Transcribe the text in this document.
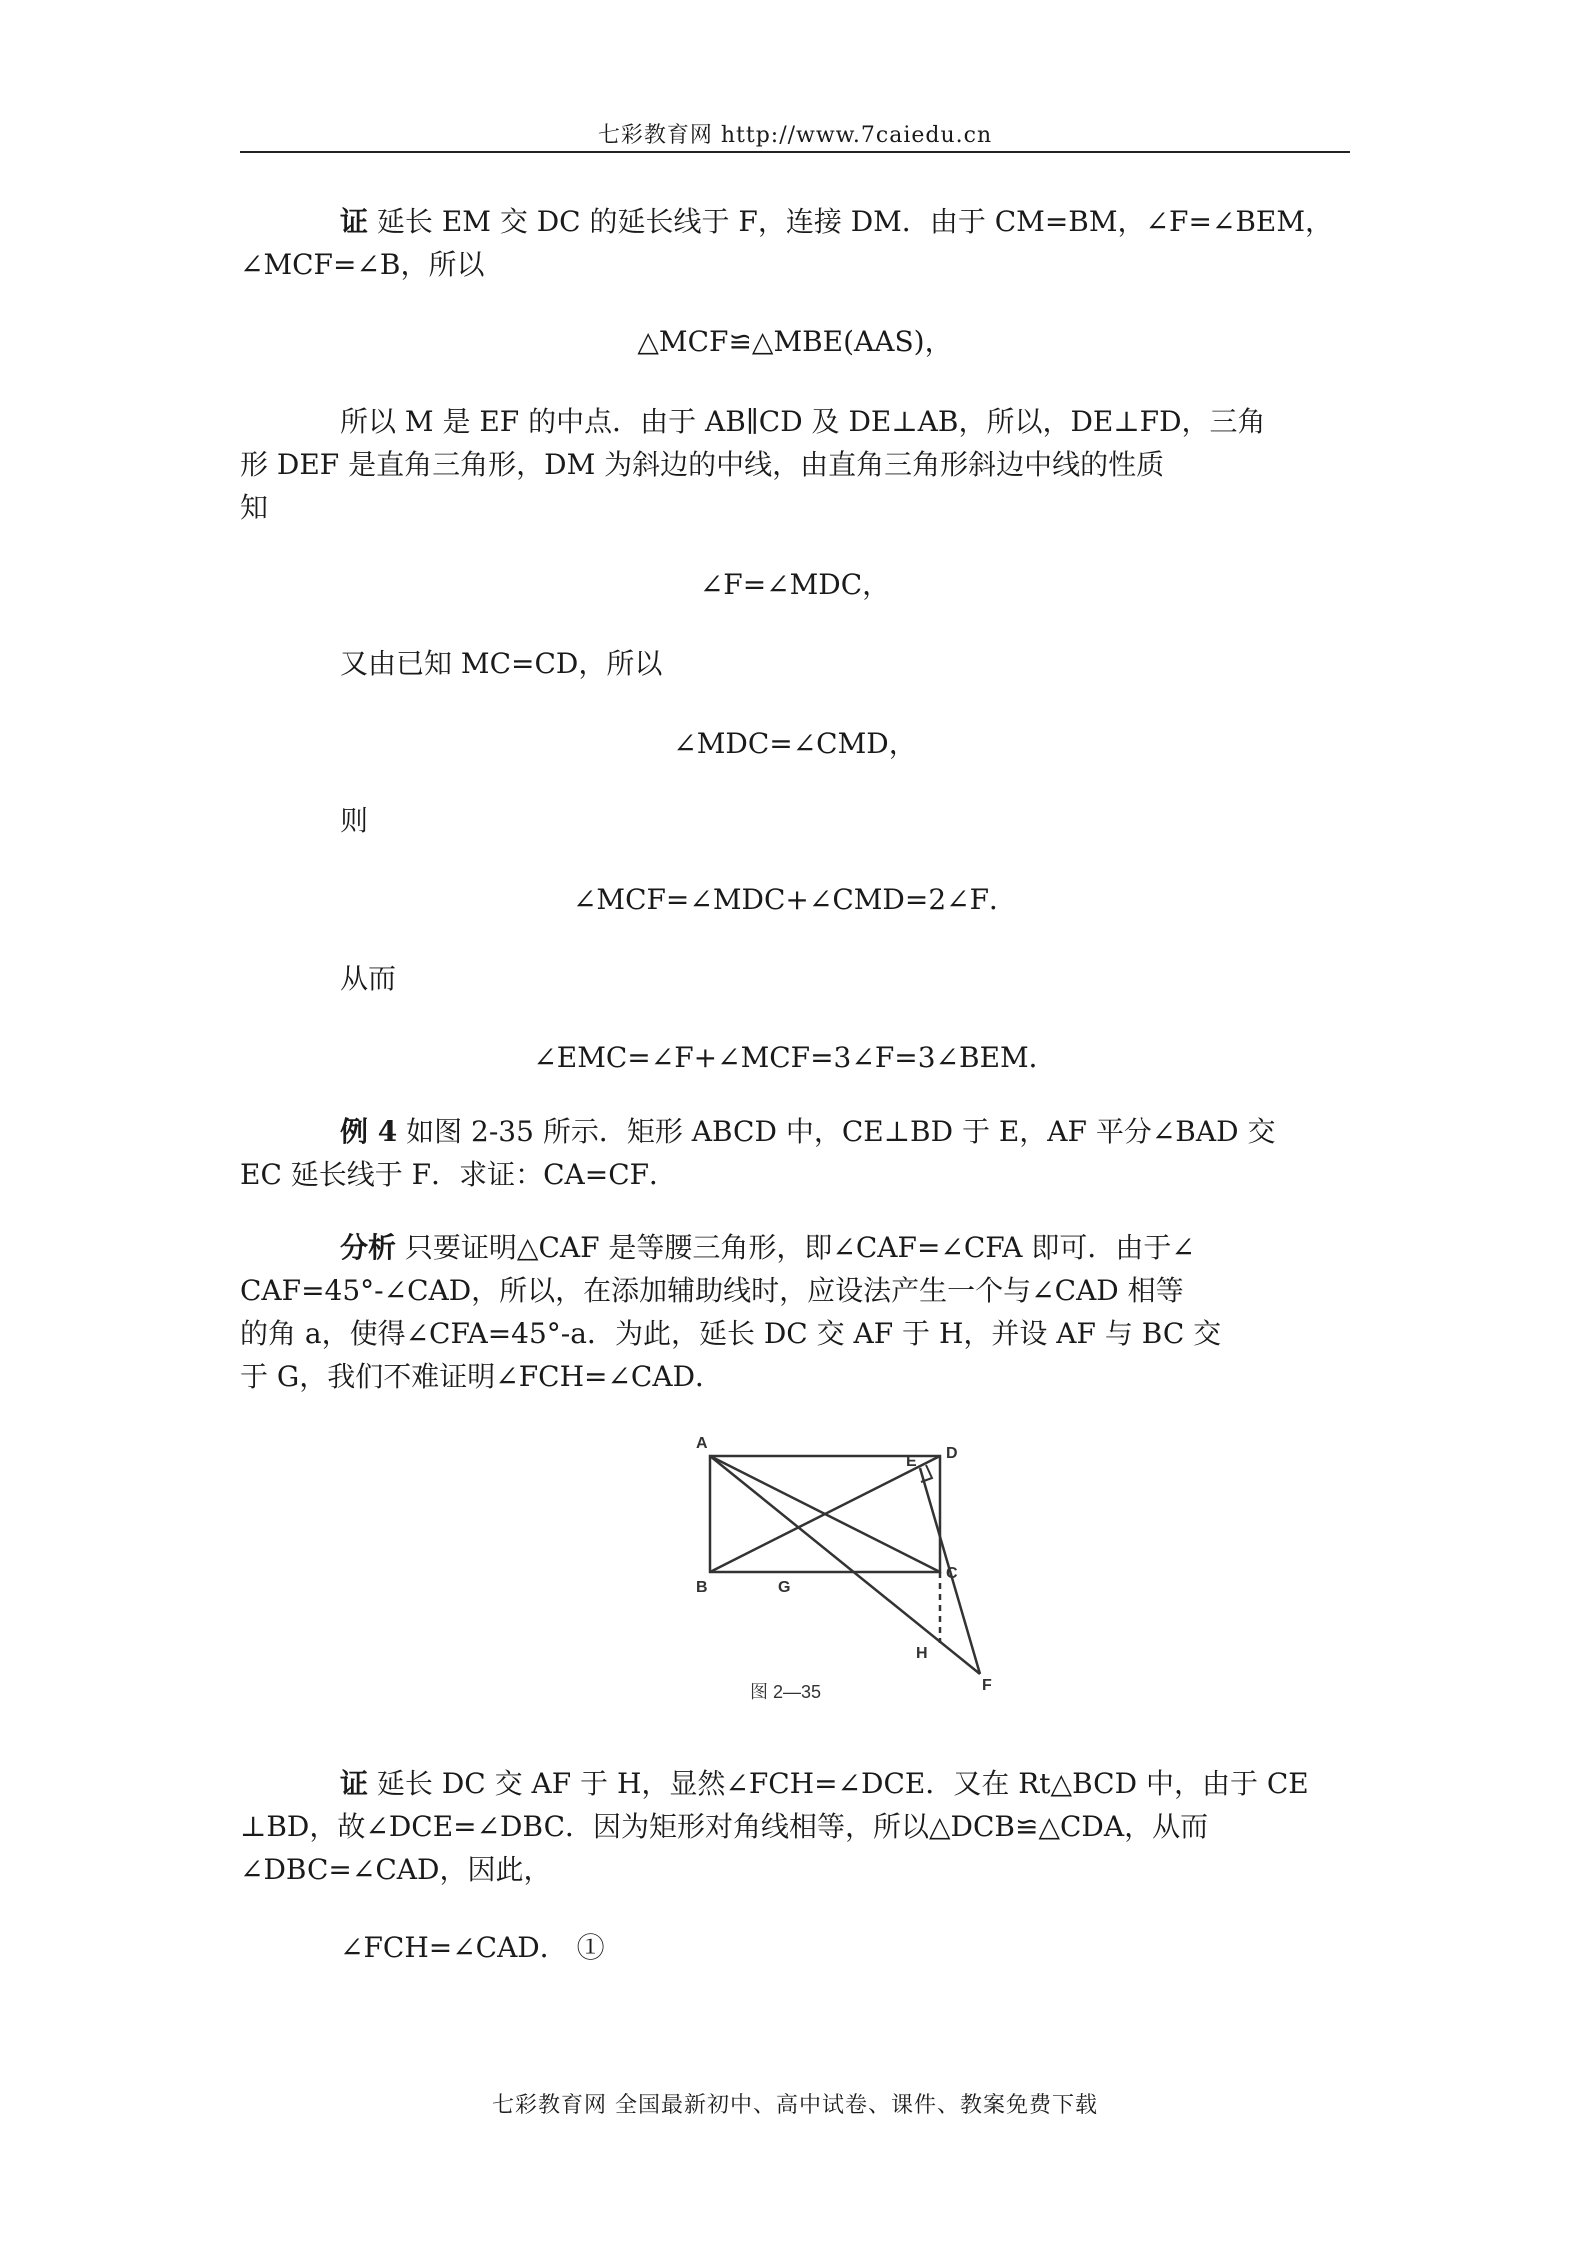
七彩教育网 http://www.7caiedu.cn
证 延长 EM 交 DC 的延长线于 F，连接 DM．由于 CM=BM，∠F=∠BEM，
∠MCF=∠B，所以
△MCF≌△MBE(AAS)，
所以 M 是 EF 的中点．由于 AB∥CD 及 DE⊥AB，所以，DE⊥FD，三角
形 DEF 是直角三角形，DM 为斜边的中线，由直角三角形斜边中线的性质
知
∠F=∠MDC，
又由已知 MC=CD，所以
∠MDC=∠CMD，
则
∠MCF=∠MDC+∠CMD=2∠F．
从而
∠EMC=∠F+∠MCF=3∠F=3∠BEM．
例 4 如图 2-35 所示．矩形 ABCD 中，CE⊥BD 于 E，AF 平分∠BAD 交
EC 延长线于 F．求证：CA=CF．
分析 只要证明△CAF 是等腰三角形，即∠CAF=∠CFA 即可．由于∠
CAF=45°-∠CAD，所以，在添加辅助线时，应设法产生一个与∠CAD 相等
的角 a，使得∠CFA=45°-a．为此，延长 DC 交 AF 于 H，并设 AF 与 BC 交
于 G，我们不难证明∠FCH=∠CAD．
A
B
C
D
E
F
G
H
图 2—35
证 延长 DC 交 AF 于 H，显然∠FCH=∠DCE．又在 Rt△BCD 中，由于 CE
⊥BD，故∠DCE=∠DBC．因为矩形对角线相等，所以△DCB≌△CDA，从而
∠DBC=∠CAD，因此，
∠FCH=∠CAD． ①
七彩教育网 全国最新初中、高中试卷、课件、教案免费下载
